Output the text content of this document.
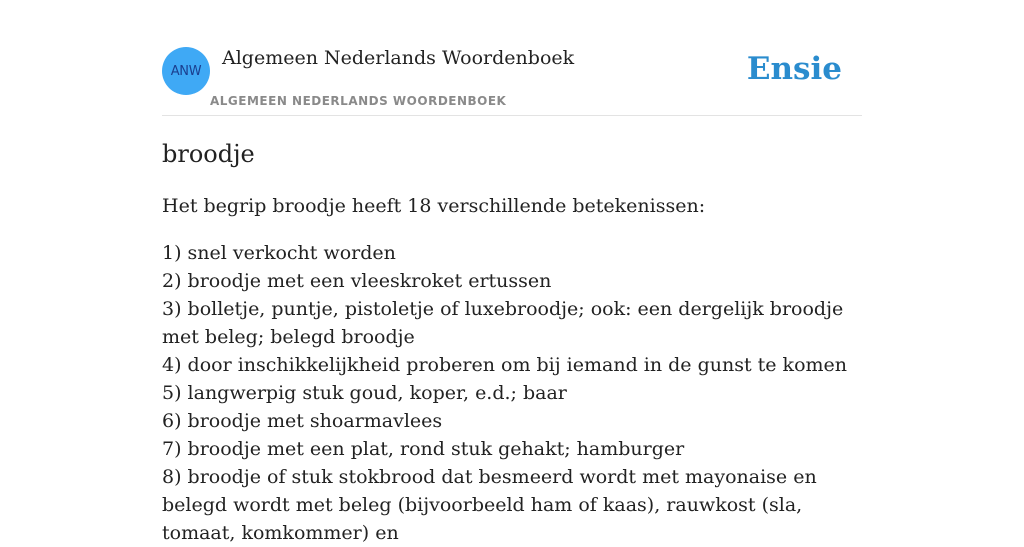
ANW
Algemeen Nederlands Woordenboek
ALGEMEEN NEDERLANDS WOORDENBOEK
Ensie
broodje

Het begrip broodje heeft 18 verschillende betekenissen:

1) snel verkocht worden
2) broodje met een vleeskroket ertussen
3) bolletje, puntje, pistoletje of luxebroodje; ook: een dergelijk broodje met beleg; belegd broodje
4) door inschikkelijkheid proberen om bij iemand in de gunst te komen
5) langwerpig stuk goud, koper, e.d.; baar
6) broodje met shoarmavlees
7) broodje met een plat, rond stuk gehakt; hamburger
8) broodje of stuk stokbrood dat besmeerd wordt met mayonaise en belegd wordt met beleg (bijvoorbeeld ham of kaas), rauwkost (sla, tomaat, komkommer) en
